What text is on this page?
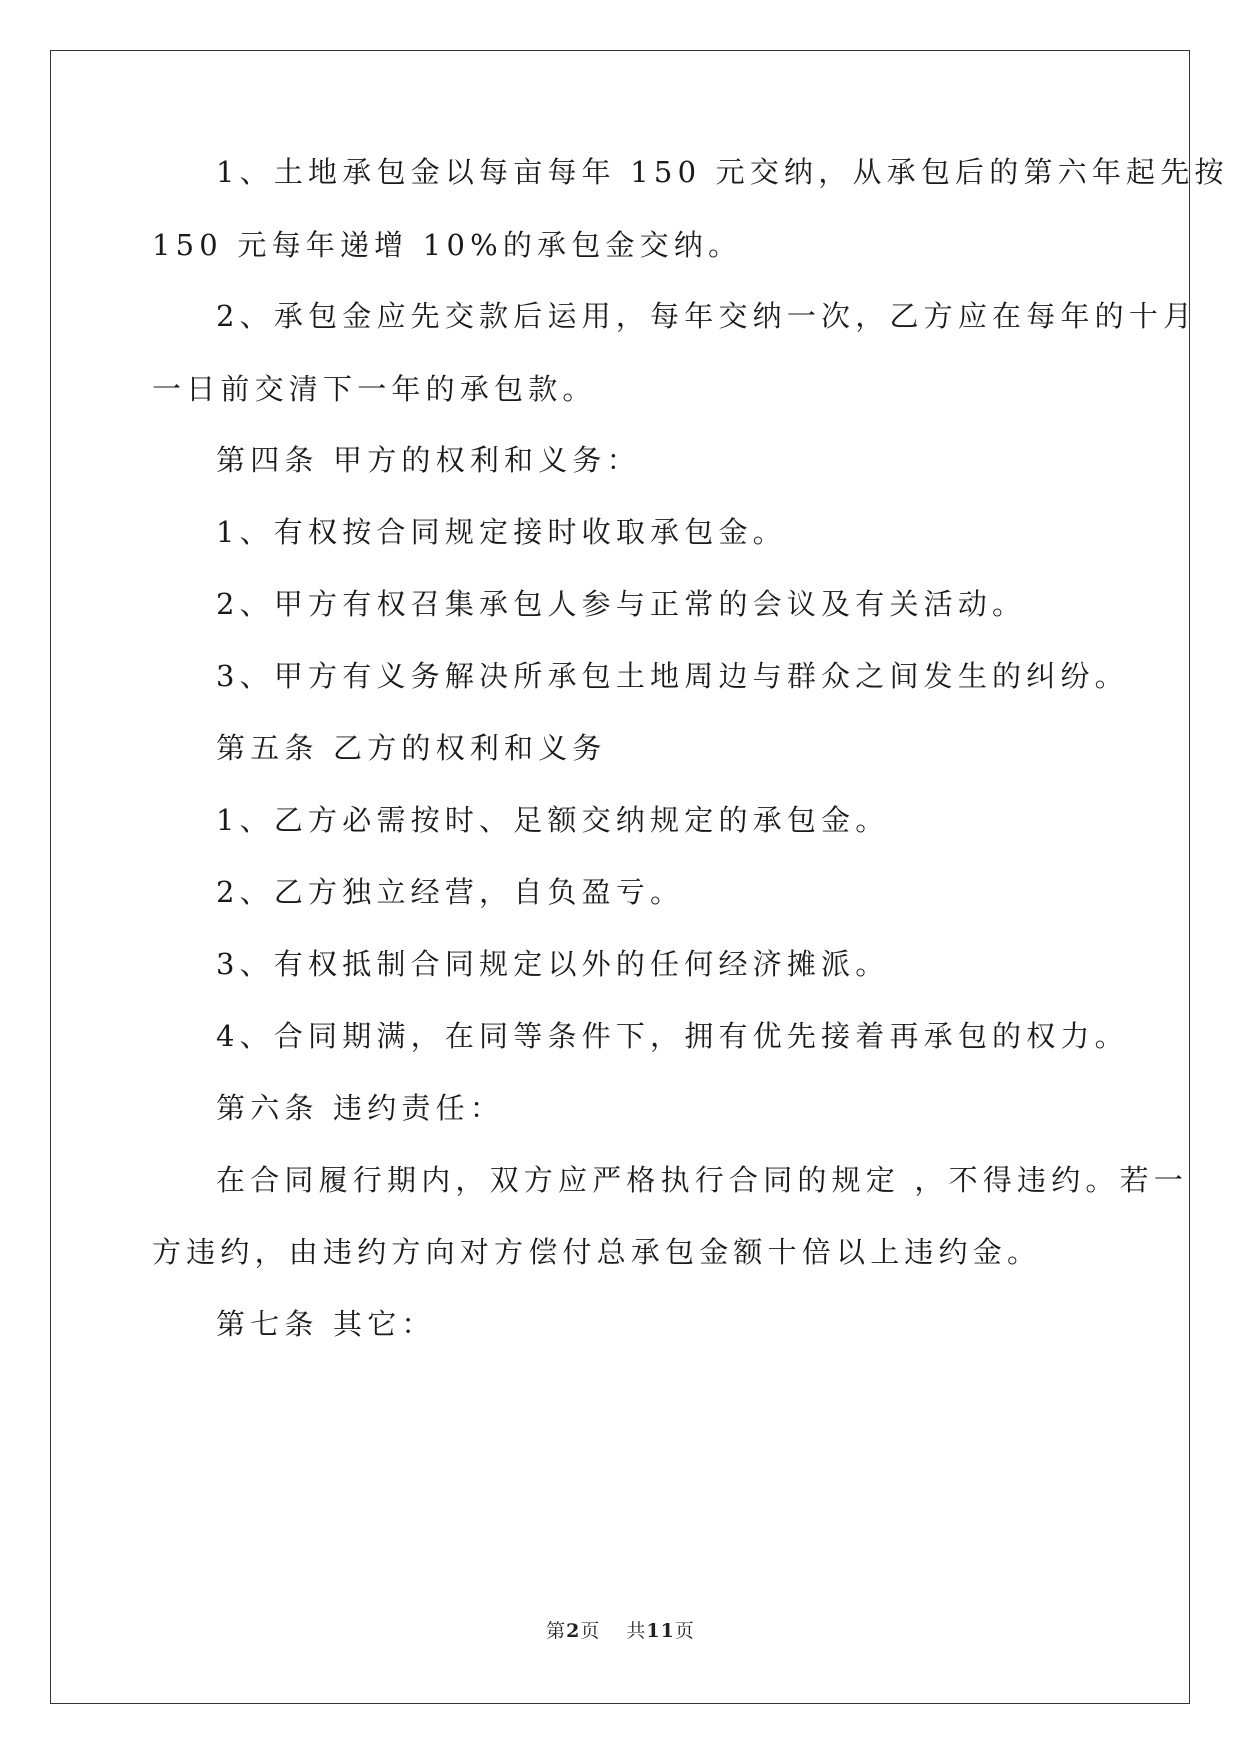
1、土地承包金以每亩每年 150 元交纳，从承包后的第六年起先按
150 元每年递增 10%的承包金交纳。
2、承包金应先交款后运用，每年交纳一次，乙方应在每年的十月
一日前交清下一年的承包款。
第四条 甲方的权利和义务：
1、有权按合同规定接时收取承包金。
2、甲方有权召集承包人参与正常的会议及有关活动。
3、甲方有义务解决所承包土地周边与群众之间发生的纠纷。
第五条 乙方的权利和义务
1、乙方必需按时、足额交纳规定的承包金。
2、乙方独立经营，自负盈亏。
3、有权抵制合同规定以外的任何经济摊派。
4、合同期满，在同等条件下，拥有优先接着再承包的权力。
第六条 违约责任：
在合同履行期内，双方应严格执行合同的规定 ，不得违约。若一
方违约，由违约方向对方偿付总承包金额十倍以上违约金。
第七条 其它：
第2页 共11页
